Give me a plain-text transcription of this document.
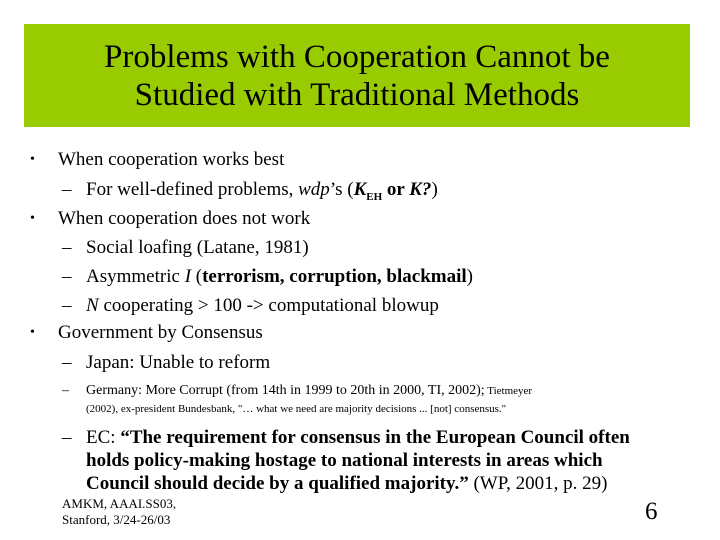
Problems with Cooperation Cannot be
Studied with Traditional Methods
• When cooperation works best
– For well-defined problems, wdp’s ($K_{EH}$ or K?)
• When cooperation does not work
– Social loafing (Latane, 1981)
– Asymmetric I (terrorism, corruption, blackmail)
– N cooperating > 100 -> computational blowup
• Government by Consensus
– Japan: Unable to reform
– Germany: More Corrupt (from 14th in 1999 to 20th in 2000, TI, 2002); Tietmeyer
(2002), ex-president Bundesbank, "… what we need are majority decisions ... [not] consensus."
– EC: “The requirement for consensus in the European Council often
holds policy-making hostage to national interests in areas which
Council should decide by a qualified majority.” (WP, 2001, p. 29)
AMKM, AAAI.SS03,
Stanford, 3/24-26/03	6
